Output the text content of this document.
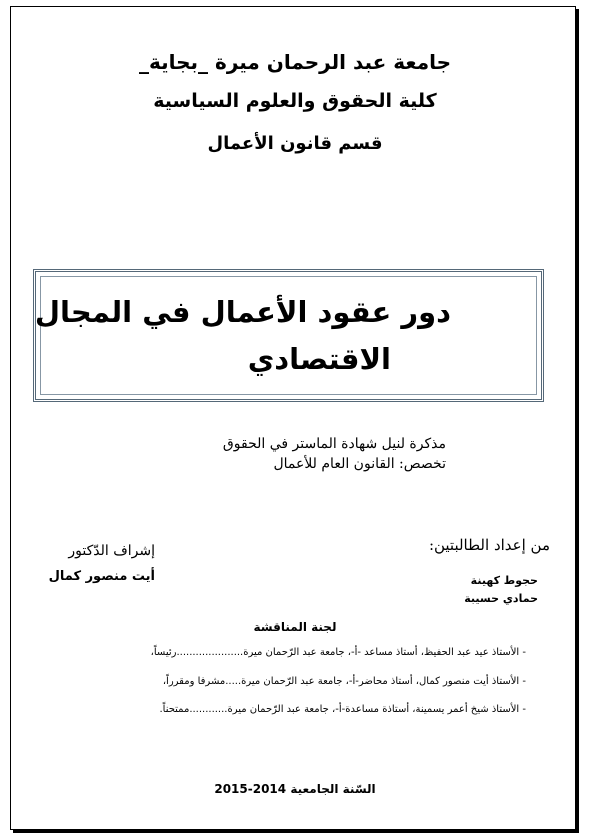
جامعة عبد الرحمان ميرة _بجاية_
كلية الحقوق والعلوم السياسية
قسم قانون الأعمال
دور عقود الأعمال في المجال
الاقتصادي
مذكرة لنيل شهادة الماستر في الحقوق
تخصص: القانون العام للأعمال
من إعداد الطالبتين:
حجوط كهينة
حمادي حسيبة
إشراف الدّكتور
أيت منصور كمال
لجنة المناقشة
- الأستاذ عيد عبد الحفيظ، أستاذ مساعد -أ-، جامعة عبد الرّحمان ميرة.....................رئيساً،
- الأستاذ أيت منصور كمال، أستاذ محاضر-أ-، جامعة عبد الرّحمان ميرة.....مشرفا ومقرراً،
- الأستاذ شيخ أعمر يسمينة، أستاذة مساعدة-أ-، جامعة عبد الرّحمان ميرة............ممتحناً.
السّنة الجامعية 2014-2015
